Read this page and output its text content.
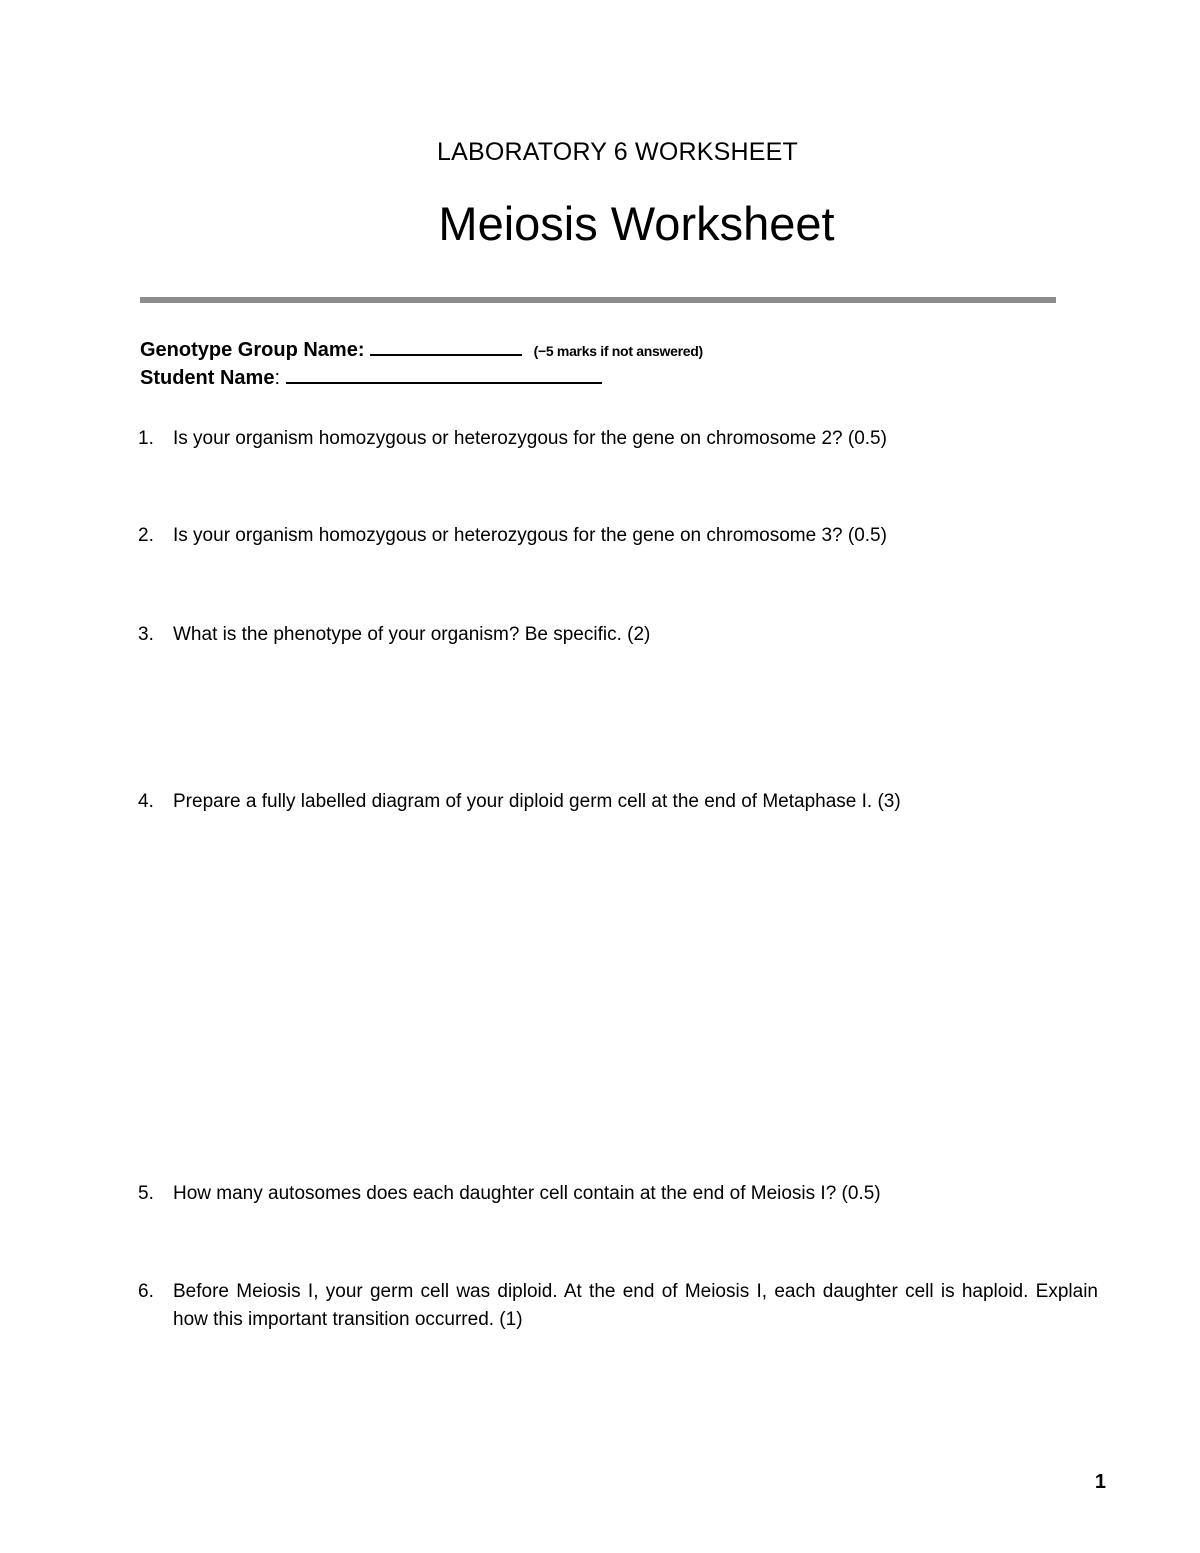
LABORATORY 6 WORKSHEET
Meiosis Worksheet
Genotype Group Name:	(−5 marks if not answered)
Student Name:
1.	Is your organism homozygous or heterozygous for the gene on chromosome 2? (0.5)
2.	Is your organism homozygous or heterozygous for the gene on chromosome 3? (0.5)
3.	What is the phenotype of your organism? Be specific. (2)
4.	Prepare a fully labelled diagram of your diploid germ cell at the end of Metaphase I. (3)
5.	How many autosomes does each daughter cell contain at the end of Meiosis I? (0.5)
6.	Before Meiosis I, your germ cell was diploid. At the end of Meiosis I, each daughter cell is haploid. Explain how this important transition occurred. (1)
1
